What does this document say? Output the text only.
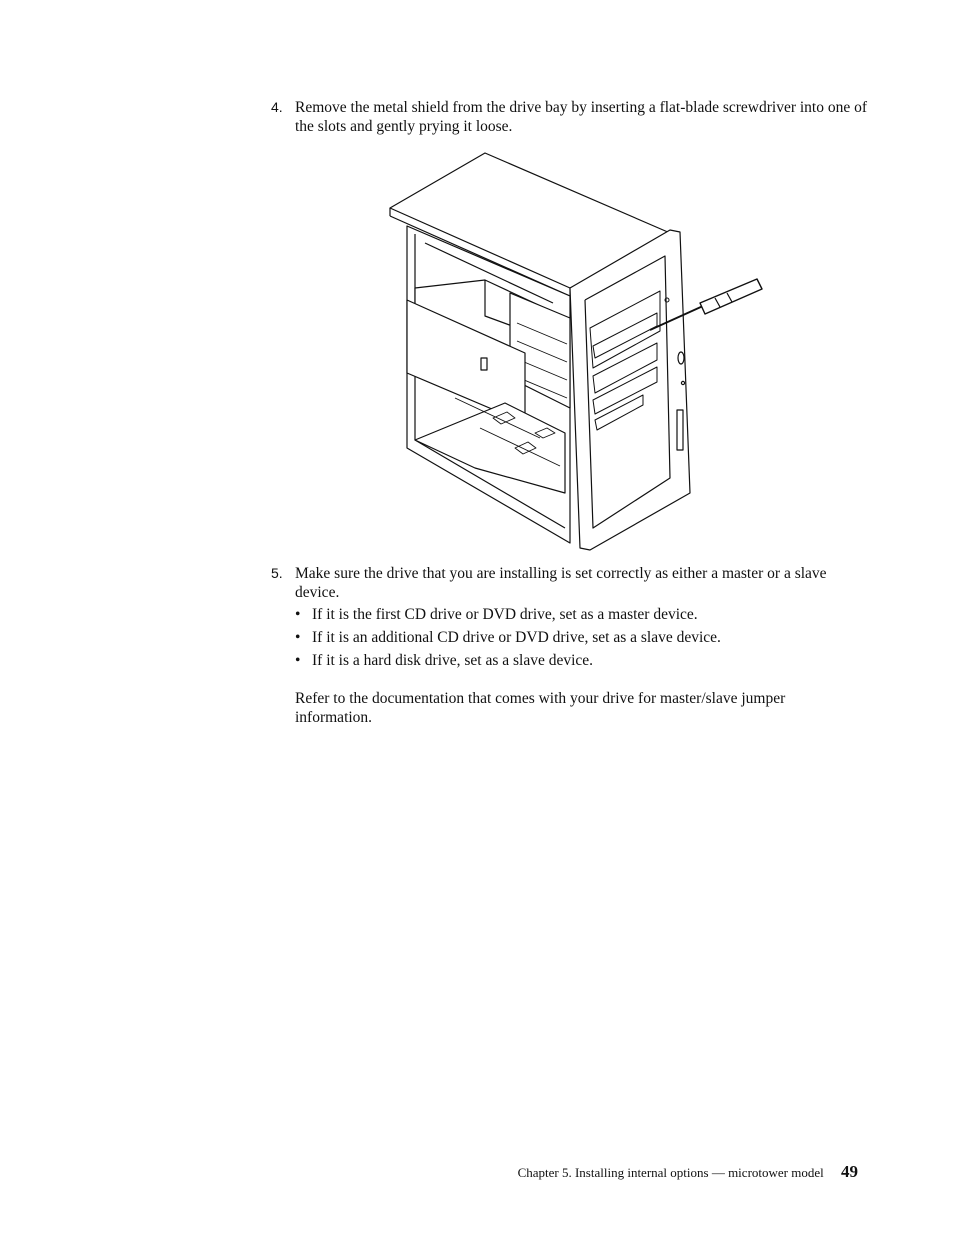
4. Remove the metal shield from the drive bay by inserting a flat-blade screwdriver into one of the slots and gently prying it loose.
5. Make sure the drive that you are installing is set correctly as either a master or a slave device.
• If it is the first CD drive or DVD drive, set as a master device.
• If it is an additional CD drive or DVD drive, set as a slave device.
• If it is a hard disk drive, set as a slave device.
Refer to the documentation that comes with your drive for master/slave jumper information.
Chapter 5. Installing internal options — microtower model 49
